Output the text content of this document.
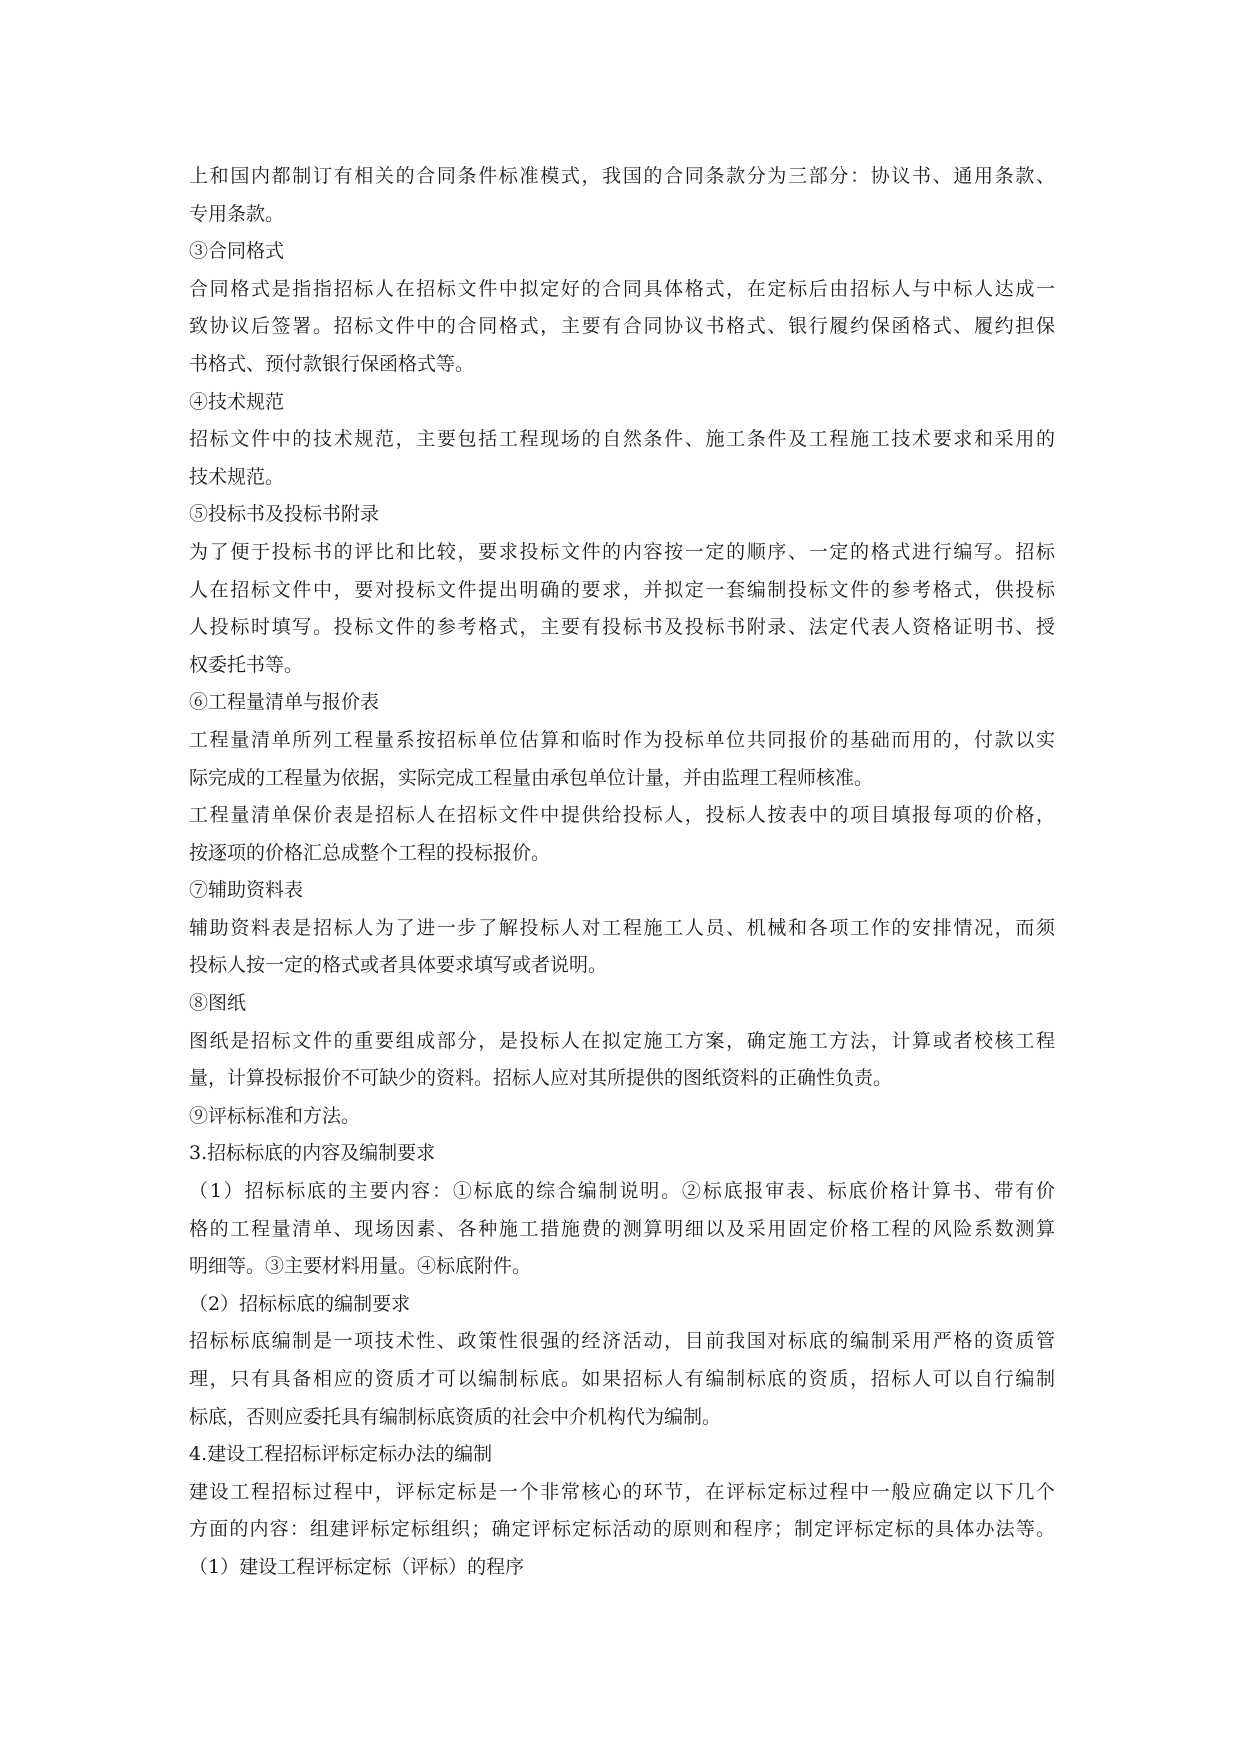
上和国内都制订有相关的合同条件标准模式，我国的合同条款分为三部分：协议书、通用条款、
专用条款。
③合同格式
合同格式是指指招标人在招标文件中拟定好的合同具体格式，在定标后由招标人与中标人达成一
致协议后签署。招标文件中的合同格式，主要有合同协议书格式、银行履约保函格式、履约担保
书格式、预付款银行保函格式等。
④技术规范
招标文件中的技术规范，主要包括工程现场的自然条件、施工条件及工程施工技术要求和采用的
技术规范。
⑤投标书及投标书附录
为了便于投标书的评比和比较，要求投标文件的内容按一定的顺序、一定的格式进行编写。招标
人在招标文件中，要对投标文件提出明确的要求，并拟定一套编制投标文件的参考格式，供投标
人投标时填写。投标文件的参考格式，主要有投标书及投标书附录、法定代表人资格证明书、授
权委托书等。
⑥工程量清单与报价表
工程量清单所列工程量系按招标单位估算和临时作为投标单位共同报价的基础而用的，付款以实
际完成的工程量为依据，实际完成工程量由承包单位计量，并由监理工程师核准。
工程量清单保价表是招标人在招标文件中提供给投标人，投标人按表中的项目填报每项的价格，
按逐项的价格汇总成整个工程的投标报价。
⑦辅助资料表
辅助资料表是招标人为了进一步了解投标人对工程施工人员、机械和各项工作的安排情况，而须
投标人按一定的格式或者具体要求填写或者说明。
⑧图纸
图纸是招标文件的重要组成部分，是投标人在拟定施工方案，确定施工方法，计算或者校核工程
量，计算投标报价不可缺少的资料。招标人应对其所提供的图纸资料的正确性负责。
⑨评标标准和方法。
3.招标标底的内容及编制要求
（1）招标标底的主要内容：①标底的综合编制说明。②标底报审表、标底价格计算书、带有价
格的工程量清单、现场因素、各种施工措施费的测算明细以及采用固定价格工程的风险系数测算
明细等。③主要材料用量。④标底附件。
（2）招标标底的编制要求
招标标底编制是一项技术性、政策性很强的经济活动，目前我国对标底的编制采用严格的资质管
理，只有具备相应的资质才可以编制标底。如果招标人有编制标底的资质，招标人可以自行编制
标底，否则应委托具有编制标底资质的社会中介机构代为编制。
4.建设工程招标评标定标办法的编制
建设工程招标过程中，评标定标是一个非常核心的环节，在评标定标过程中一般应确定以下几个
方面的内容：组建评标定标组织；确定评标定标活动的原则和程序；制定评标定标的具体办法等。
（1）建设工程评标定标（评标）的程序
